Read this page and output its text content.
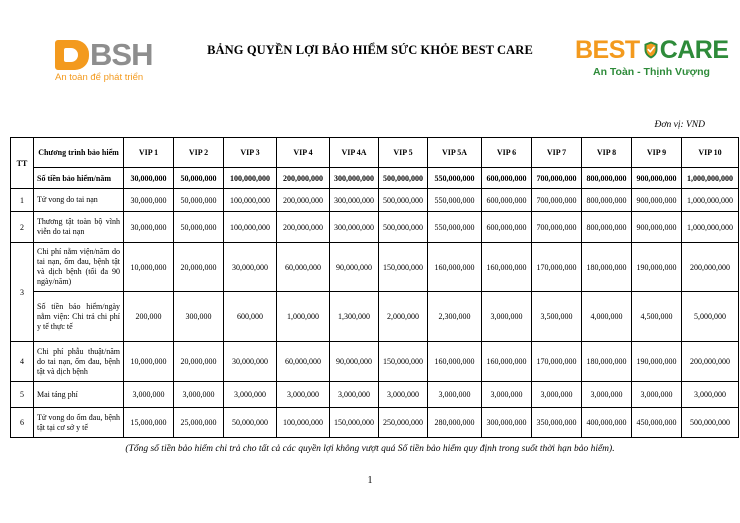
BSH
An toàn để phát triển
BẢNG QUYỀN LỢI BẢO HIỂM SỨC KHỎE BEST CARE	BEST CARE
An Toàn - Thịnh Vượng
Đơn vị: VND
TT	Chương trình bảo hiểm	VIP 1	VIP 2	VIP 3	VIP 4	VIP 4A	VIP 5	VIP 5A	VIP 6	VIP 7	VIP 8	VIP 9	VIP 10
	Số tiền bảo hiểm/năm	30,000,000	50,000,000	100,000,000	200,000,000	300,000,000	500,000,000	550,000,000	600,000,000	700,000,000	800,000,000	900,000,000	1,000,000,000
1	Tử vong do tai nạn	30,000,000	50,000,000	100,000,000	200,000,000	300,000,000	500,000,000	550,000,000	600,000,000	700,000,000	800,000,000	900,000,000	1,000,000,000
2	Thương tật toàn bộ vĩnh viễn do tai nạn	30,000,000	50,000,000	100,000,000	200,000,000	300,000,000	500,000,000	550,000,000	600,000,000	700,000,000	800,000,000	900,000,000	1,000,000,000
3	Chi phí nằm viện/năm do tai nạn, ốm đau, bệnh tật và dịch bệnh (tối đa 90 ngày/năm)	10,000,000	20,000,000	30,000,000	60,000,000	90,000,000	150,000,000	160,000,000	160,000,000	170,000,000	180,000,000	190,000,000	200,000,000
	Số tiền bảo hiểm/ngày nằm viện: Chi trả chi phí y tế thực tế	200,000	300,000	600,000	1,000,000	1,300,000	2,000,000	2,300,000	3,000,000	3,500,000	4,000,000	4,500,000	5,000,000
4	Chi phí phẫu thuật/năm do tai nạn, ốm đau, bệnh tật và dịch bệnh	10,000,000	20,000,000	30,000,000	60,000,000	90,000,000	150,000,000	160,000,000	160,000,000	170,000,000	180,000,000	190,000,000	200,000,000
5	Mai táng phí	3,000,000	3,000,000	3,000,000	3,000,000	3,000,000	3,000,000	3,000,000	3,000,000	3,000,000	3,000,000	3,000,000	3,000,000
6	Tử vong do ốm đau, bệnh tật tại cơ sở y tế	15,000,000	25,000,000	50,000,000	100,000,000	150,000,000	250,000,000	280,000,000	300,000,000	350,000,000	400,000,000	450,000,000	500,000,000
(Tổng số tiền bảo hiểm chi trả cho tất cả các quyền lợi không vượt quá Số tiền bảo hiểm quy định trong suốt thời hạn bảo hiểm).
1
